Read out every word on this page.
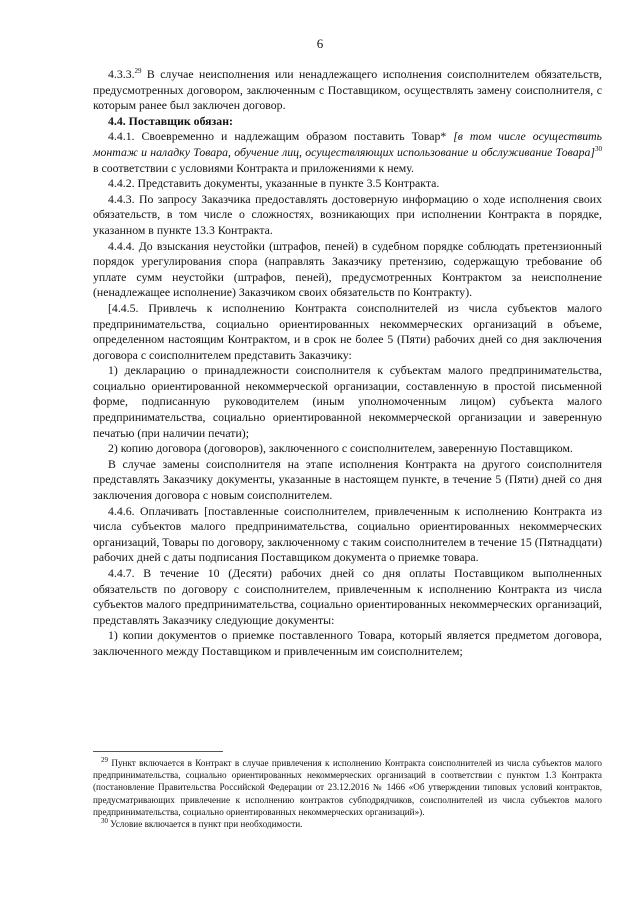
6

4.3.3.29 В случае неисполнения или ненадлежащего исполнения соисполнителем обязательств, предусмотренных договором, заключенным с Поставщиком, осуществлять замену соисполнителя, с которым ранее был заключен договор.

4.4. Поставщик обязан:

4.4.1. Своевременно и надлежащим образом поставить Товар* [в том числе осуществить монтаж и наладку Товара, обучение лиц, осуществляющих использование и обслуживание Товара]$^{30}$ в соответствии с условиями Контракта и приложениями к нему.

4.4.2. Представить документы, указанные в пункте 3.5 Контракта.

4.4.3. По запросу Заказчика предоставлять достоверную информацию о ходе исполнения своих обязательств, в том числе о сложностях, возникающих при исполнении Контракта в порядке, указанном в пункте 13.3 Контракта.

4.4.4. До взыскания неустойки (штрафов, пеней) в судебном порядке соблюдать претензионный порядок урегулирования спора (направлять Заказчику претензию, содержащую требование об уплате сумм неустойки (штрафов, пеней), предусмотренных Контрактом за неисполнение (ненадлежащее исполнение) Заказчиком своих обязательств по Контракту).

[4.4.5. Привлечь к исполнению Контракта соисполнителей из числа субъектов малого предпринимательства, социально ориентированных некоммерческих организаций в объеме, определенном настоящим Контрактом, и в срок не более 5 (Пяти) рабочих дней со дня заключения договора с соисполнителем представить Заказчику:

1) декларацию о принадлежности соисполнителя к субъектам малого предпринимательства, социально ориентированной некоммерческой организации, составленную в простой письменной форме, подписанную руководителем (иным уполномоченным лицом) субъекта малого предпринимательства, социально ориентированной некоммерческой организации и заверенную печатью (при наличии печати);

2) копию договора (договоров), заключенного с соисполнителем, заверенную Поставщиком.

В случае замены соисполнителя на этапе исполнения Контракта на другого соисполнителя представлять Заказчику документы, указанные в настоящем пункте, в течение 5 (Пяти) дней со дня заключения договора с новым соисполнителем.

4.4.6. Оплачивать [поставленные соисполнителем, привлеченным к исполнению Контракта из числа субъектов малого предпринимательства, социально ориентированных некоммерческих организаций, Товары по договору, заключенному с таким соисполнителем в течение 15 (Пятнадцати) рабочих дней с даты подписания Поставщиком документа о приемке товара.

4.4.7. В течение 10 (Десяти) рабочих дней со дня оплаты Поставщиком выполненных обязательств по договору с соисполнителем, привлеченным к исполнению Контракта из числа субъектов малого предпринимательства, социально ориентированных некоммерческих организаций, представлять Заказчику следующие документы:

1) копии документов о приемке поставленного Товара, который является предметом договора, заключенного между Поставщиком и привлеченным им соисполнителем;

$^{29}$ Пункт включается в Контракт в случае привлечения к исполнению Контракта соисполнителей из числа субъектов малого предпринимательства, социально ориентированных некоммерческих организаций в соответствии с пунктом 1.3 Контракта (постановление Правительства Российской Федерации от 23.12.2016 № 1466 «Об утверждении типовых условий контрактов, предусматривающих привлечение к исполнению контрактов субподрядчиков, соисполнителей из числа субъектов малого предпринимательства, социально ориентированных некоммерческих организаций»).

$^{30}$ Условие включается в пункт при необходимости.
